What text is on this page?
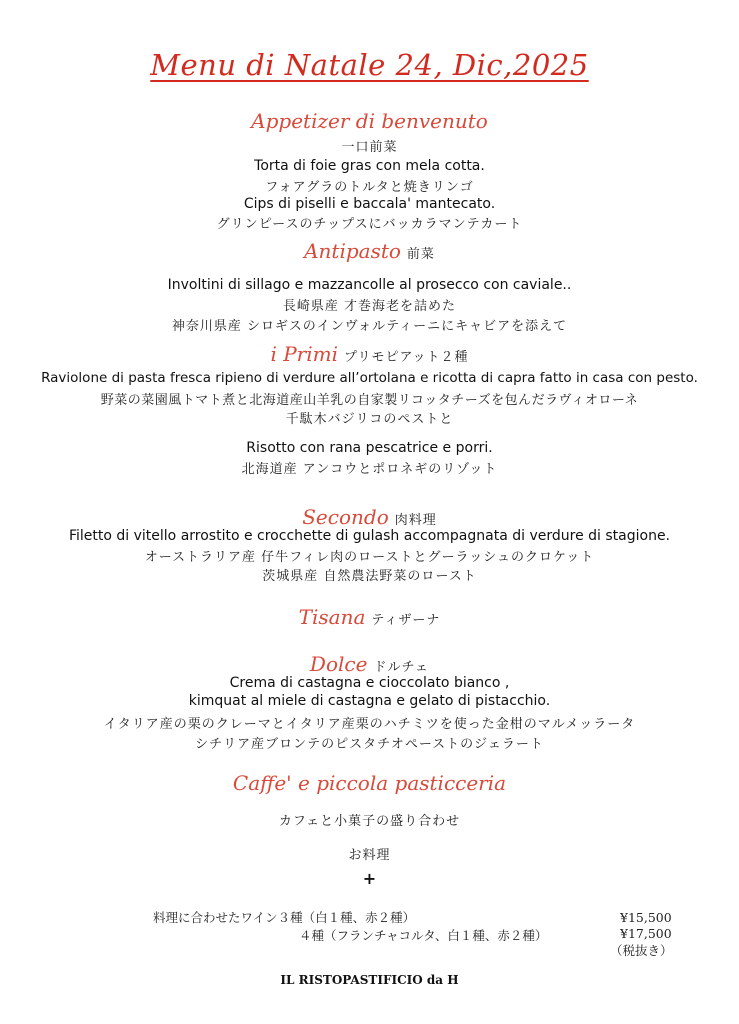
Menu di Natale 24, Dic,2025
Appetizer di benvenuto
一口前菜
Torta di foie gras con mela cotta.
フォアグラのトルタと焼きリンゴ
Cips di piselli e baccala' mantecato.
グリンピースのチップスにバッカラマンテカート
Antipasto 前菜
Involtini di sillago e mazzancolle al prosecco con caviale..
長崎県産 才巻海老を詰めた
神奈川県産 シロギスのインヴォルティーニにキャビアを添えて
i Primi プリモピアット２種
Raviolone di pasta fresca ripieno di verdure all’ortolana e ricotta di capra fatto in casa con pesto.
野菜の菜園風トマト煮と北海道産山羊乳の自家製リコッタチーズを包んだラヴィオローネ
千駄木バジリコのペストと
Risotto con rana pescatrice e porri.
北海道産 アンコウとポロネギのリゾット
Secondo 肉料理
Filetto di vitello arrostito e crocchette di gulash accompagnata di verdure di stagione.
オーストラリア産 仔牛フィレ肉のローストとグーラッシュのクロケット
茨城県産 自然農法野菜のロースト
Tisana ティザーナ
Dolce ドルチェ
Crema di castagna e cioccolato bianco ,
kimquat al miele di castagna e gelato di pistacchio.
イタリア産の栗のクレーマとイタリア産栗のハチミツを使った金柑のマルメッラータ
シチリア産ブロンテのピスタチオペーストのジェラート
Caffe' e piccola pasticceria
カフェと小菓子の盛り合わせ
お料理
+
料理に合わせたワイン３種（白１種、赤２種）
４種（フランチャコルタ、白１種、赤２種）
¥15,500
¥17,500
（税抜き）
IL RISTOPASTIFICIO da H
